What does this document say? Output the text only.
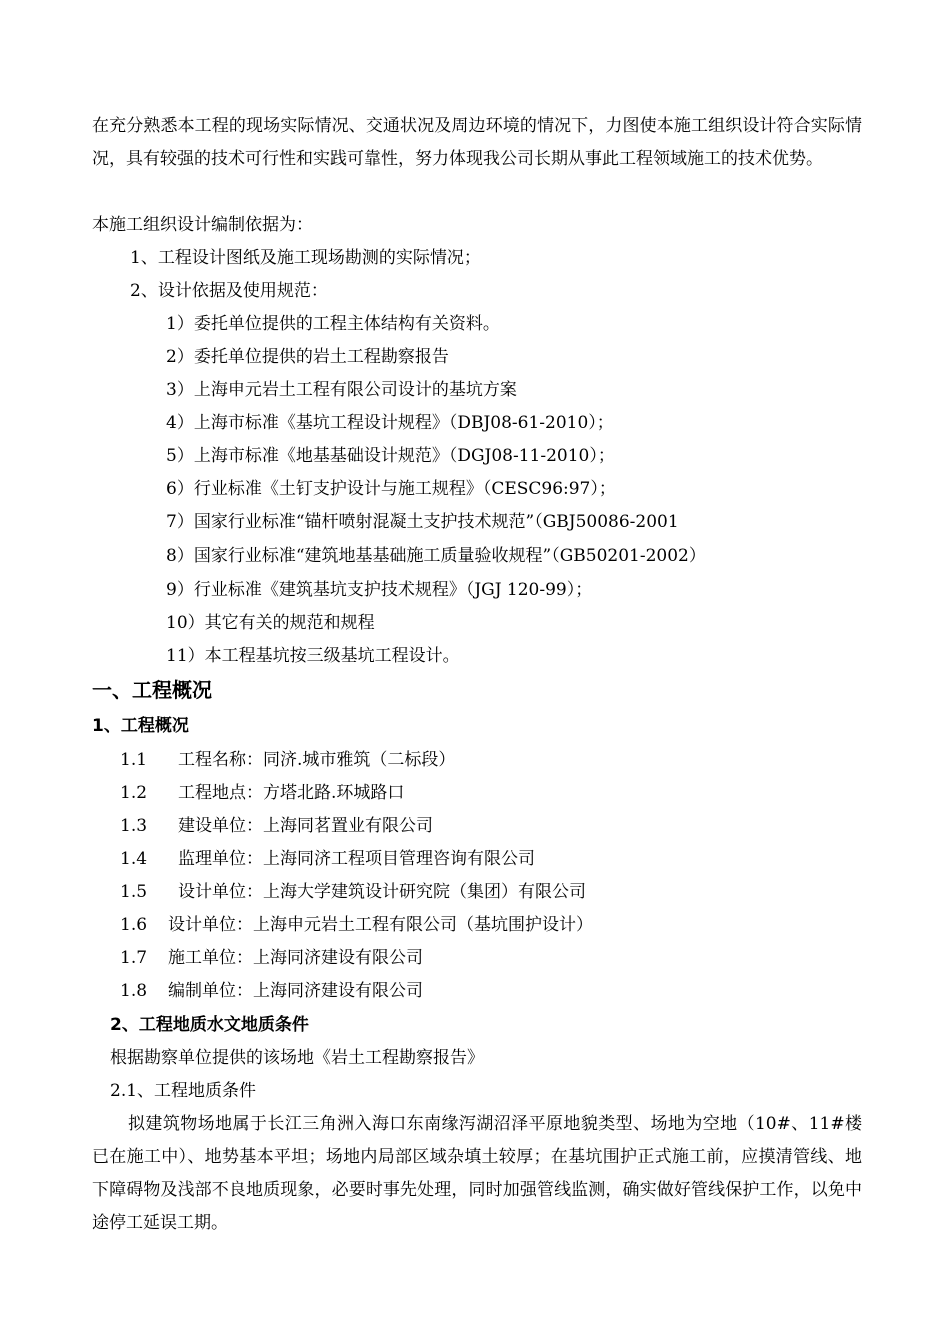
在充分熟悉本工程的现场实际情况、交通状况及周边环境的情况下，力图使本施工组织设计符合实际情况，具有较强的技术可行性和实践可靠性，努力体现我公司长期从事此工程领域施工的技术优势。
本施工组织设计编制依据为：
1、工程设计图纸及施工现场勘测的实际情况；
2、设计依据及使用规范：
1）委托单位提供的工程主体结构有关资料。
2）委托单位提供的岩土工程勘察报告
3）上海申元岩土工程有限公司设计的基坑方案
4）上海市标准《基坑工程设计规程》（DBJ08-61-2010）；
5）上海市标准《地基基础设计规范》（DGJ08-11-2010）；
6）行业标准《土钉支护设计与施工规程》（CESC96:97）；
7）国家行业标准“锚杆喷射混凝土支护技术规范”（GBJ50086-2001
8）国家行业标准“建筑地基基础施工质量验收规程”（GB50201-2002）
9）行业标准《建筑基坑支护技术规程》（JGJ 120-99）；
10）其它有关的规范和规程
11）本工程基坑按三级基坑工程设计。
一、工程概况
1、工程概况
1.1 工程名称：同济.城市雅筑（二标段）
1.2 工程地点：方塔北路.环城路口
1.3 建设单位：上海同茗置业有限公司
1.4 监理单位：上海同济工程项目管理咨询有限公司
1.5 设计单位：上海大学建筑设计研究院（集团）有限公司
1.6 设计单位：上海申元岩土工程有限公司（基坑围护设计）
1.7 施工单位：上海同济建设有限公司
1.8 编制单位：上海同济建设有限公司
2、工程地质水文地质条件
根据勘察单位提供的该场地《岩土工程勘察报告》
2.1、工程地质条件
拟建筑物场地属于长江三角洲入海口东南缘泻湖沼泽平原地貌类型、场地为空地（10#、11#楼已在施工中）、地势基本平坦；场地内局部区域杂填土较厚；在基坑围护正式施工前，应摸清管线、地下障碍物及浅部不良地质现象，必要时事先处理，同时加强管线监测，确实做好管线保护工作，以免中途停工延误工期。
